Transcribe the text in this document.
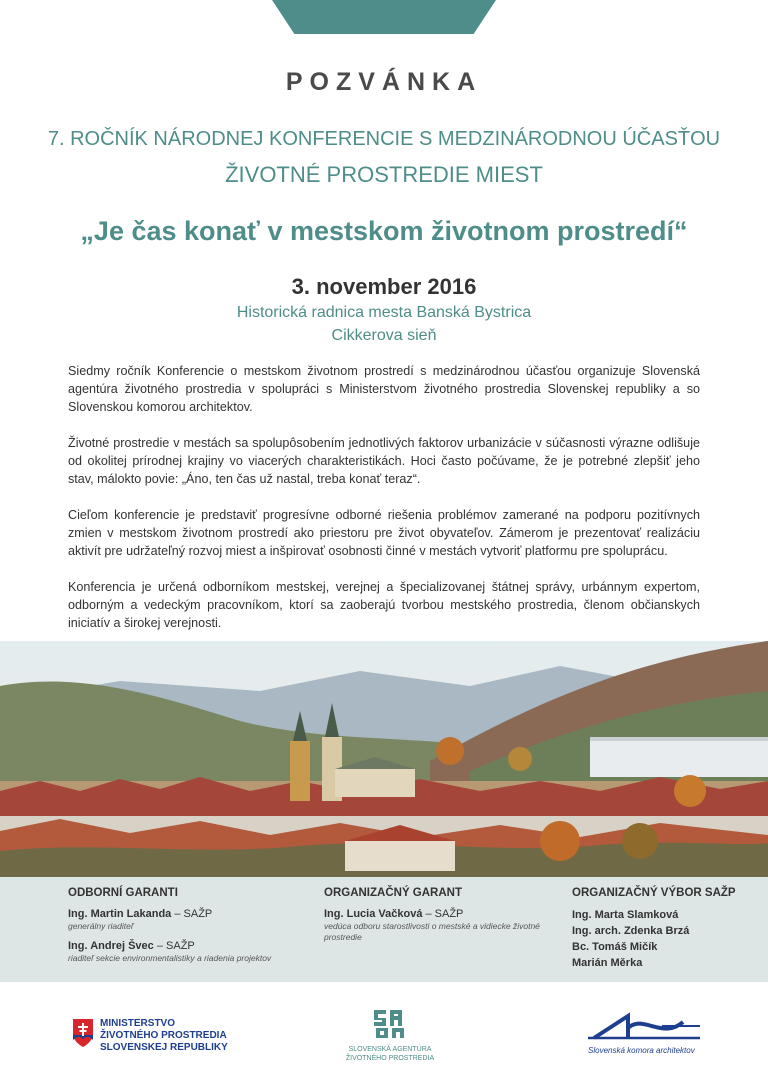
POZVÁNKA
7. ROČNÍK NÁRODNEJ KONFERENCIE S MEDZINÁRODNOU ÚČASŤOU
ŽIVOTNÉ PROSTREDIE MIEST
„Je čas konať v mestskom životnom prostredí“
3. november 2016
Historická radnica mesta Banská Bystrica
Cikkerova sieň

Siedmy ročník Konferencie o mestskom životnom prostredí s medzinárodnou účasťou organizuje Slovenská agentúra životného prostredia v spolupráci s Ministerstvom životného prostredia Slovenskej republiky a so Slovenskou komorou architektov.

Životné prostredie v mestách sa spolupôsobením jednotlivých faktorov urbanizácie v súčasnosti výrazne odlišuje od okolitej prírodnej krajiny vo viacerých charakteristikách. Hoci často počúvame, že je potrebné zlepšiť jeho stav, málokto povie: „Áno, ten čas už nastal, treba konať teraz“.

Cieľom konferencie je predstaviť progresívne odborné riešenia problémov zamerané na podporu pozitívnych zmien v mestskom životnom prostredí ako priestoru pre život obyvateľov. Zámerom je prezentovať realizáciu aktivít pre udržateľný rozvoj miest a inšpirovať osobnosti činné v mestách vytvoriť platformu pre spoluprácu.

Konferencia je určená odborníkom mestskej, verejnej a špecializovanej štátnej správy, urbánnym expertom, odborným a vedeckým pracovníkom, ktorí sa zaoberajú tvorbou mestského prostredia, členom občianskych iniciatív a širokej verejnosti.

ODBORNÍ GARANTI
Ing. Martin Lakanda – SAŽP
generálny riaditeľ
Ing. Andrej Švec – SAŽP
riaditeľ sekcie environmentalistiky a riadenia projektov
ORGANIZAČNÝ GARANT
Ing. Lucia Vačková – SAŽP
vedúca odboru starostlivosti o mestské a vidiecke životné prostredie
ORGANIZAČNÝ VÝBOR SAŽP
Ing. Marta Slamková
Ing. arch. Zdenka Brzá
Bc. Tomáš Mičík
Marián Měrka
MINISTERSTVO
ŽIVOTNÉHO PROSTREDIA
SLOVENSKEJ REPUBLIKY	SLOVENSKÁ AGENTÚRA
ŽIVOTNÉHO PROSTREDIA
Slovenská komora architektov
